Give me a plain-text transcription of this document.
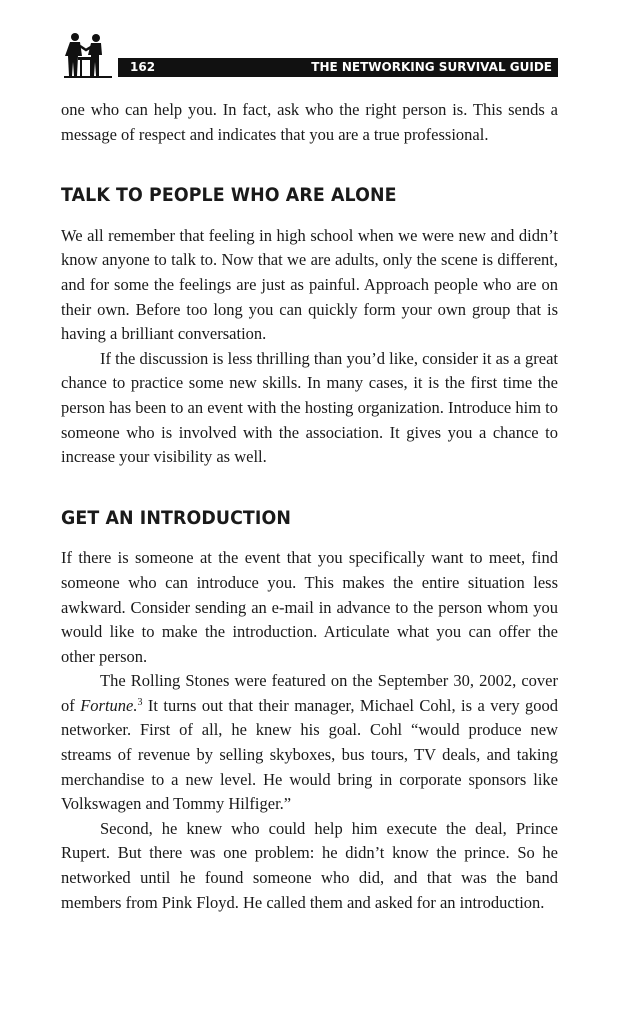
162	THE NETWORKING SURVIVAL GUIDE

one who can help you. In fact, ask who the right person is. This sends a message of respect and indicates that you are a true professional.

TALK TO PEOPLE WHO ARE ALONE

We all remember that feeling in high school when we were new and didn’t know anyone to talk to. Now that we are adults, only the scene is different, and for some the feelings are just as painful. Approach people who are on their own. Before too long you can quickly form your own group that is having a brilliant conversation.

If the discussion is less thrilling than you’d like, consider it as a great chance to practice some new skills. In many cases, it is the first time the person has been to an event with the hosting organization. Introduce him to someone who is involved with the association. It gives you a chance to increase your visibility as well.

GET AN INTRODUCTION

If there is someone at the event that you specifically want to meet, find someone who can introduce you. This makes the entire situation less awkward. Consider sending an e-mail in advance to the person whom you would like to make the introduction. Articulate what you can offer the other person.

The Rolling Stones were featured on the September 30, 2002, cover of Fortune.$^3$ It turns out that their manager, Michael Cohl, is a very good networker. First of all, he knew his goal. Cohl “would produce new streams of revenue by selling skyboxes, bus tours, TV deals, and taking merchandise to a new level. He would bring in corporate sponsors like Volkswagen and Tommy Hilfiger.”

Second, he knew who could help him execute the deal, Prince Rupert. But there was one problem: he didn’t know the prince. So he networked until he found someone who did, and that was the band members from Pink Floyd. He called them and asked for an introduction.
